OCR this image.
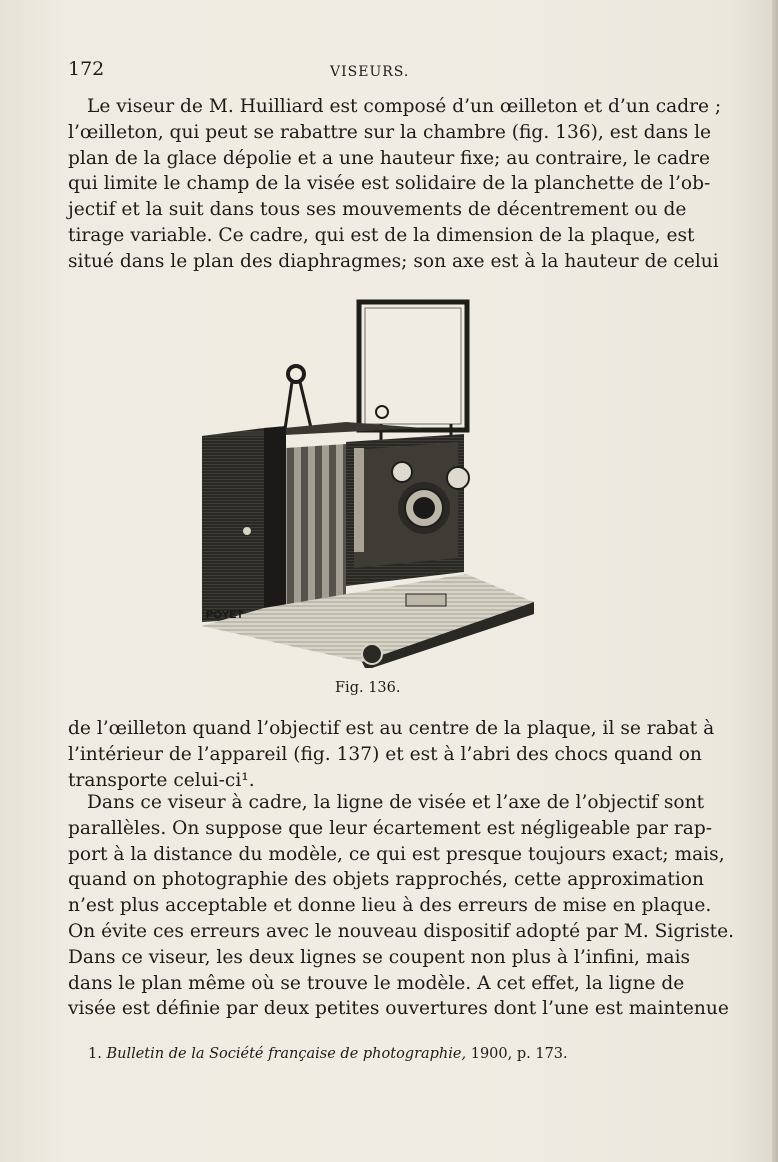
172	VISEURS.

Le viseur de M. Huilliard est composé d’un œilleton et d’un cadre ;
l’œilleton, qui peut se rabattre sur la chambre (fig. 136), est dans le
plan de la glace dépolie et a une hauteur fixe; au contraire, le cadre
qui limite le champ de la visée est solidaire de la planchette de l’ob-
jectif et la suit dans tous ses mouvements de décentrement ou de
tirage variable. Ce cadre, qui est de la dimension de la plaque, est
situé dans le plan des diaphragmes; son axe est à la hauteur de celui

POYET
Fig. 136.

de l’œilleton quand l’objectif est au centre de la plaque, il se rabat à
l’intérieur de l’appareil (fig. 137) et est à l’abri des chocs quand on
transporte celui-ci¹.

Dans ce viseur à cadre, la ligne de visée et l’axe de l’objectif sont
parallèles. On suppose que leur écartement est négligeable par rap-
port à la distance du modèle, ce qui est presque toujours exact; mais,
quand on photographie des objets rapprochés, cette approximation
n’est plus acceptable et donne lieu à des erreurs de mise en plaque.
On évite ces erreurs avec le nouveau dispositif adopté par M. Sigriste.
Dans ce viseur, les deux lignes se coupent non plus à l’infini, mais
dans le plan même où se trouve le modèle. A cet effet, la ligne de
visée est définie par deux petites ouvertures dont l’une est maintenue

1. Bulletin de la Société française de photographie, 1900, p. 173.
